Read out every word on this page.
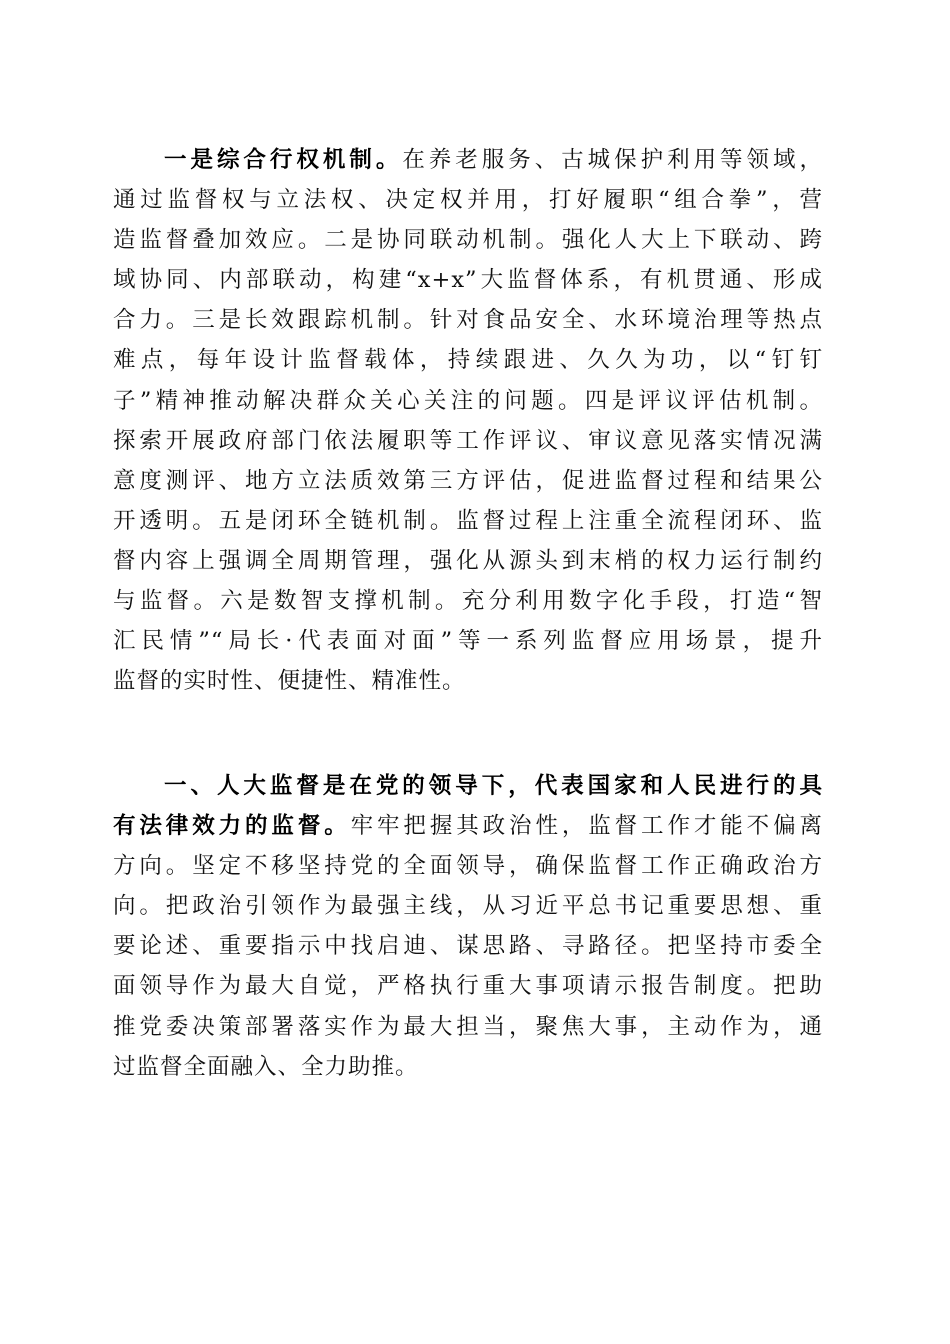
一是综合行权机制。在养老服务、古城保护利用等领域，
通过监督权与立法权、决定权并用，打好履职“组合拳”，营
造监督叠加效应。二是协同联动机制。强化人大上下联动、跨
域协同、内部联动，构建“x+x”大监督体系，有机贯通、形成
合力。三是长效跟踪机制。针对食品安全、水环境治理等热点
难点，每年设计监督载体，持续跟进、久久为功，以“钉钉
子”精神推动解决群众关心关注的问题。四是评议评估机制。
探索开展政府部门依法履职等工作评议、审议意见落实情况满
意度测评、地方立法质效第三方评估，促进监督过程和结果公
开透明。五是闭环全链机制。监督过程上注重全流程闭环、监
督内容上强调全周期管理，强化从源头到末梢的权力运行制约
与监督。六是数智支撑机制。充分利用数字化手段，打造“智
汇民情”“局长·代表面对面”等一系列监督应用场景，提升
监督的实时性、便捷性、精准性。
一、人大监督是在党的领导下，代表国家和人民进行的具
有法律效力的监督。牢牢把握其政治性，监督工作才能不偏离
方向。坚定不移坚持党的全面领导，确保监督工作正确政治方
向。把政治引领作为最强主线，从习近平总书记重要思想、重
要论述、重要指示中找启迪、谋思路、寻路径。把坚持市委全
面领导作为最大自觉，严格执行重大事项请示报告制度。把助
推党委决策部署落实作为最大担当，聚焦大事，主动作为，通
过监督全面融入、全力助推。
